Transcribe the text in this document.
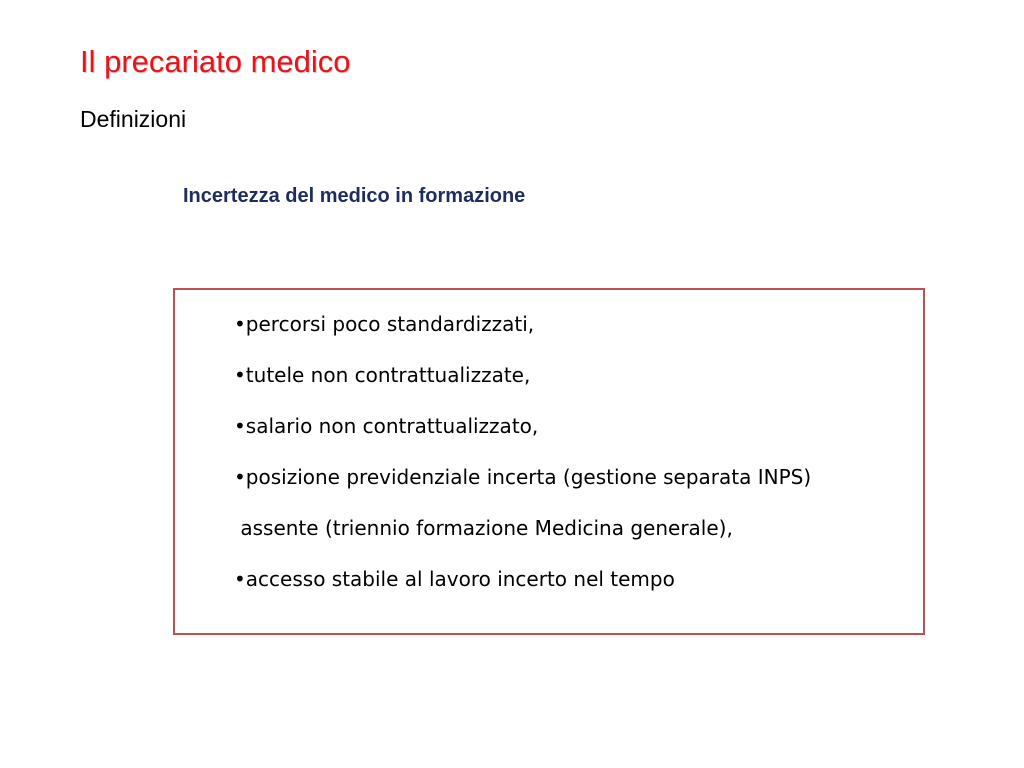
Il precariato medico
Definizioni
Incertezza del medico in formazione
•percorsi poco standardizzati,
•tutele non contrattualizzate,
•salario non contrattualizzato,
•posizione previdenziale incerta (gestione separata INPS)
assente (triennio formazione Medicina generale),
•accesso stabile al lavoro incerto nel tempo
